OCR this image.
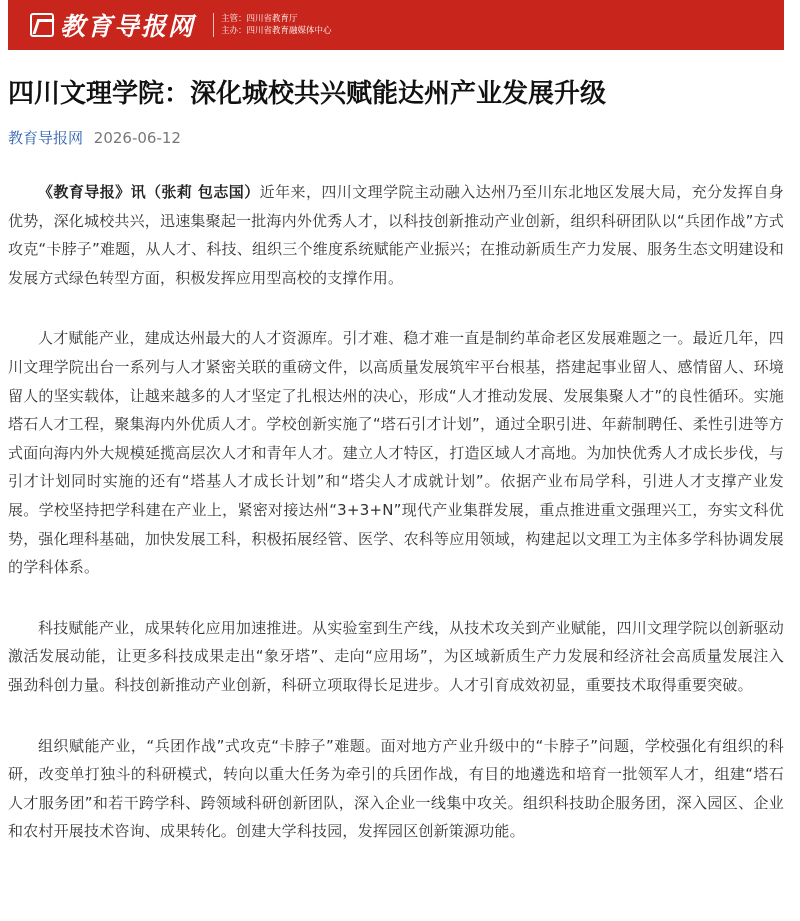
教育导报网	主管：四川省教育厅
主办：四川省教育融媒体中心
四川文理学院：深化城校共兴赋能达州产业发展升级
教育导报网 2026-06-12

《教育导报》讯（张莉 包志国）近年来，四川文理学院主动融入达州乃至川东北地区发展大局，充分发挥自身优势，深化城校共兴，迅速集聚起一批海内外优秀人才，以科技创新推动产业创新，组织科研团队以“兵团作战”方式攻克“卡脖子”难题，从人才、科技、组织三个维度系统赋能产业振兴；在推动新质生产力发展、服务生态文明建设和发展方式绿色转型方面，积极发挥应用型高校的支撑作用。

人才赋能产业，建成达州最大的人才资源库。引才难、稳才难一直是制约革命老区发展难题之一。最近几年，四川文理学院出台一系列与人才紧密关联的重磅文件，以高质量发展筑牢平台根基，搭建起事业留人、感情留人、环境留人的坚实载体，让越来越多的人才坚定了扎根达州的决心，形成“人才推动发展、发展集聚人才”的良性循环。实施塔石人才工程，聚集海内外优质人才。学校创新实施了“塔石引才计划”，通过全职引进、年薪制聘任、柔性引进等方式面向海内外大规模延揽高层次人才和青年人才。建立人才特区，打造区域人才高地。为加快优秀人才成长步伐，与引才计划同时实施的还有“塔基人才成长计划”和“塔尖人才成就计划”。依据产业布局学科，引进人才支撑产业发展。学校坚持把学科建在产业上，紧密对接达州“3+3+N”现代产业集群发展，重点推进重文强理兴工，夯实文科优势，强化理科基础，加快发展工科，积极拓展经管、医学、农科等应用领域，构建起以文理工为主体多学科协调发展的学科体系。

科技赋能产业，成果转化应用加速推进。从实验室到生产线，从技术攻关到产业赋能，四川文理学院以创新驱动激活发展动能，让更多科技成果走出“象牙塔”、走向“应用场”，为区域新质生产力发展和经济社会高质量发展注入强劲科创力量。科技创新推动产业创新，科研立项取得长足进步。人才引育成效初显，重要技术取得重要突破。

组织赋能产业，“兵团作战”式攻克“卡脖子”难题。面对地方产业升级中的“卡脖子”问题，学校强化有组织的科研，改变单打独斗的科研模式，转向以重大任务为牵引的兵团作战，有目的地遴选和培育一批领军人才，组建“塔石人才服务团”和若干跨学科、跨领域科研创新团队，深入企业一线集中攻关。组织科技助企服务团，深入园区、企业和农村开展技术咨询、成果转化。创建大学科技园，发挥园区创新策源功能。
